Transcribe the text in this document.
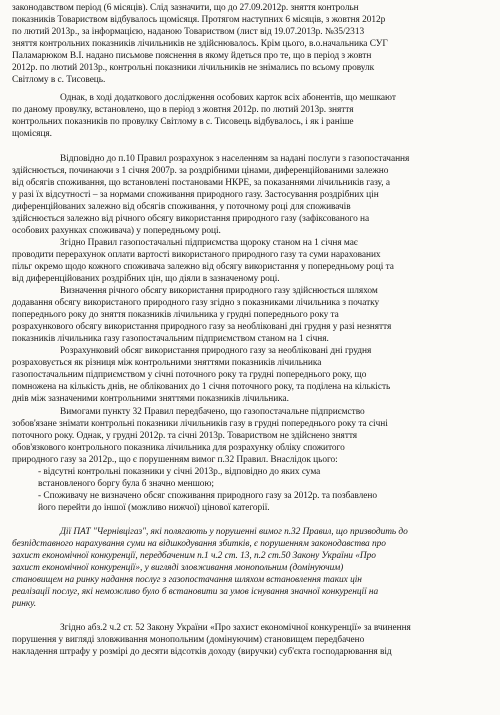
законодавством період (6 місяців). Слід зазначити, що до 27.09.2012р. зняття контрольн
показників Товариством відбувалось щомісяця. Протягом наступних 6 місяців, з жовтня 2012р
по лютий 2013р., за інформацією, наданою Товариством (лист від 19.07.2013р. №35/2313
зняття контрольних показників лічильників не здійснювалось. Крім цього, в.о.начальника СУГ
Паламарюком В.І. надано письмове пояснення в якому йдеться про те, що в період з жовтн
2012р. по лютий 2013р., контрольні показники лічильників не знімались по всьому провулк
Світлому в с. Тисовець.
Однак, в ході додаткового дослідження особових карток всіх абонентів, що мешкают
по даному провулку, встановлено, що в період з жовтня 2012р. по лютий 2013р. зняття
контрольних показників по провулку Світлому в с. Тисовець відбувалось, і як і раніше
щомісяця.
Відповідно до п.10 Правил розрахунок з населенням за надані послуги з газопостачання
здійснюється, починаючи з 1 січня 2007р. за роздрібними цінами, диференційованими залежно
від обсягів споживання, що встановлені постановами НКРЕ, за показаннями лічильників газу, а
у разі їх відсутності – за нормами споживання природного газу. Застосування роздрібних цін
диференційованих залежно від обсягів споживання, у поточному році для споживачів
здійснюється залежно від річного обсягу використання природного газу (зафіксованого на
особових рахунках споживача) у попередньому році.
Згідно Правил газопостачальні підприємства щороку станом на 1 січня має
проводити перерахунок оплати вартості використаного природного газу та суми нарахованих
пільг окремо щодо кожного споживача залежно від обсягу використання у попередньому році та
від диференційованих роздрібних цін, що діяли в зазначеному році.
Визначення річного обсягу використання природного газу здійснюється шляхом
додавання обсягу використаного природного газу згідно з показниками лічильника з початку
попереднього року до зняття показників лічильника у грудні попереднього року та
розрахункового обсягу використання природного газу за необліковані дні грудня у разі незняття
показників лічильника газу газопостачальним підприємством станом на 1 січня.
Розрахунковий обсяг використання природного газу за необліковані дні грудня
розраховується як різниця між контрольними зняттями показників лічильника
газопостачальним підприємством у січні поточного року та грудні попереднього року, що
помножена на кількість днів, не облікованих до 1 січня поточного року, та поділена на кількість
днів між зазначеними контрольними зняттями показників лічильника.
Вимогами пункту 32 Правил передбачено, що газопостачальне підприємство
зобов'язане знімати контрольні показники лічильників газу в грудні попереднього року та січні
поточного року. Однак, у грудні 2012р. та січні 2013р. Товариством не здійснено зняття
обов'язкового контрольного показника лічильника для розрахунку обліку спожитого
природного газу за 2012р., що є порушенням вимог п.32 Правил. Внаслідок цього:
- відсутні контрольні показники у січні 2013р., відповідно до яких сума
встановленого боргу була б значно меншою;
- Споживачу не визначено обсяг споживання природного газу за 2012р. та позбавлено
його перейти до іншої (можливо нижчої) цінової категорії.
Дії ПАТ "Чернівцігаз", які полягають у порушенні вимог п.32 Правил, що призводить до
безпідставного нарахування суми на відшкодування збитків, є порушенням законодавства про
захист економічної конкуренції, передбаченим п.1 ч.2 ст. 13, п.2 ст.50 Закону України «Про
захист економічної конкуренції», у вигляді зловживання монопольним (домінуючим)
становищем на ринку надання послуг з газопостачання шляхом встановлення таких цін
реалізації послуг, які неможливо було б встановити за умов існування значної конкуренції на
ринку.
Згідно абз.2 ч.2 ст. 52 Закону України «Про захист економічної конкуренції» за вчинення
порушення у вигляді зловживання монопольним (домінуючим) становищем передбачено
накладення штрафу у розмірі до десяти відсотків доходу (виручки) суб'єкта господарювання від
